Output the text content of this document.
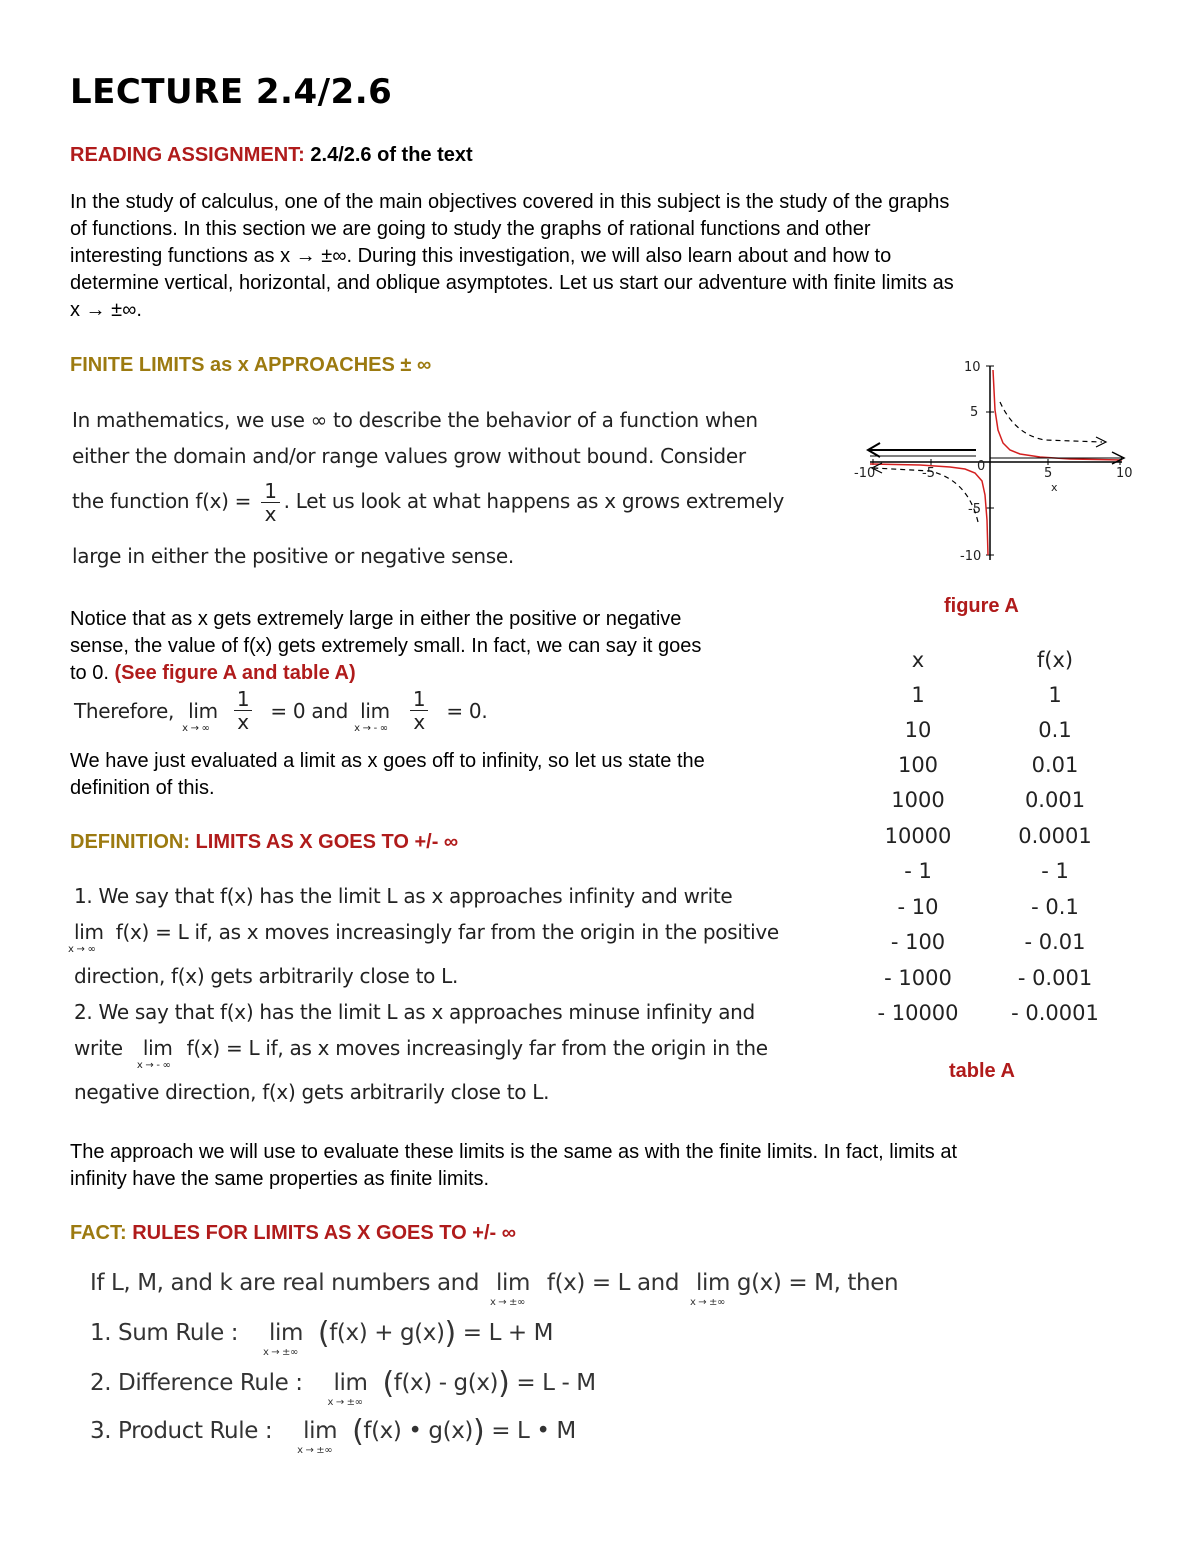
LECTURE 2.4/2.6
READING ASSIGNMENT: 2.4/2.6 of the text
In the study of calculus, one of the main objectives covered in this subject is the study of the graphs
of functions. In this section we are going to study the graphs of rational functions and other
interesting functions as x → ±∞. During this investigation, we will also learn about and how to
determine vertical, horizontal, and oblique asymptotes. Let us start our adventure with finite limits as
x → ±∞.
FINITE LIMITS as x APPROACHES ± ∞
In mathematics, we use ∞ to describe the behavior of a function when
either the domain and/or range values grow without bound. Consider
the function $f(x) = \frac{1}{x}$ . Let us look at what happens as x grows extremely
large in either the positive or negative sense.
Notice that as x gets extremely large in either the positive or negative
sense, the value of f(x) gets extremely small. In fact, we can say it goes
to 0. (See figure A and table A)
Therefore, lim
x → ∞
$\frac{1}{x} = 0$ and lim
x → - ∞
$\frac{1}{x} = 0$.
We have just evaluated a limit as x goes off to infinity, so let us state the
definition of this.
DEFINITION: LIMITS AS X GOES TO +/- ∞
1. We say that f(x) has the limit L as x approaches infinity and write
lim
x → ∞
f(x) = L if, as x moves increasingly far from the origin in the positive
direction, f(x) gets arbitrarily close to L.
2. We say that f(x) has the limit L as x approaches minuse infinity and
write lim
x → - ∞
f(x) = L if, as x moves increasingly far from the origin in the
negative direction, f(x) gets arbitrarily close to L.
The approach we will use to evaluate these limits is the same as with the finite limits. In fact, limits at
infinity have the same properties as finite limits.
FACT: RULES FOR LIMITS AS X GOES TO +/- ∞
If L, M, and k are real numbers and lim
x → ±∞
f(x) = L and lim
x → ±∞
g(x) = M, then
1. Sum Rule : lim
x → ±∞
(f(x) + g(x)) = L + M
2. Difference Rule : lim
x → ±∞
(f(x) - g(x)) = L - M
3. Product Rule : lim
x → ±∞
(f(x) • g(x)) = L • M
10
5
-5
-10
-10	-5	0	5	10
x
figure A
x	f(x)
1	1
10	0.1
100	0.01
1000	0.001
10000	0.0001
- 1	- 1
- 10	- 0.1
- 100	- 0.01
- 1000	- 0.001
- 10000	- 0.0001
table A
